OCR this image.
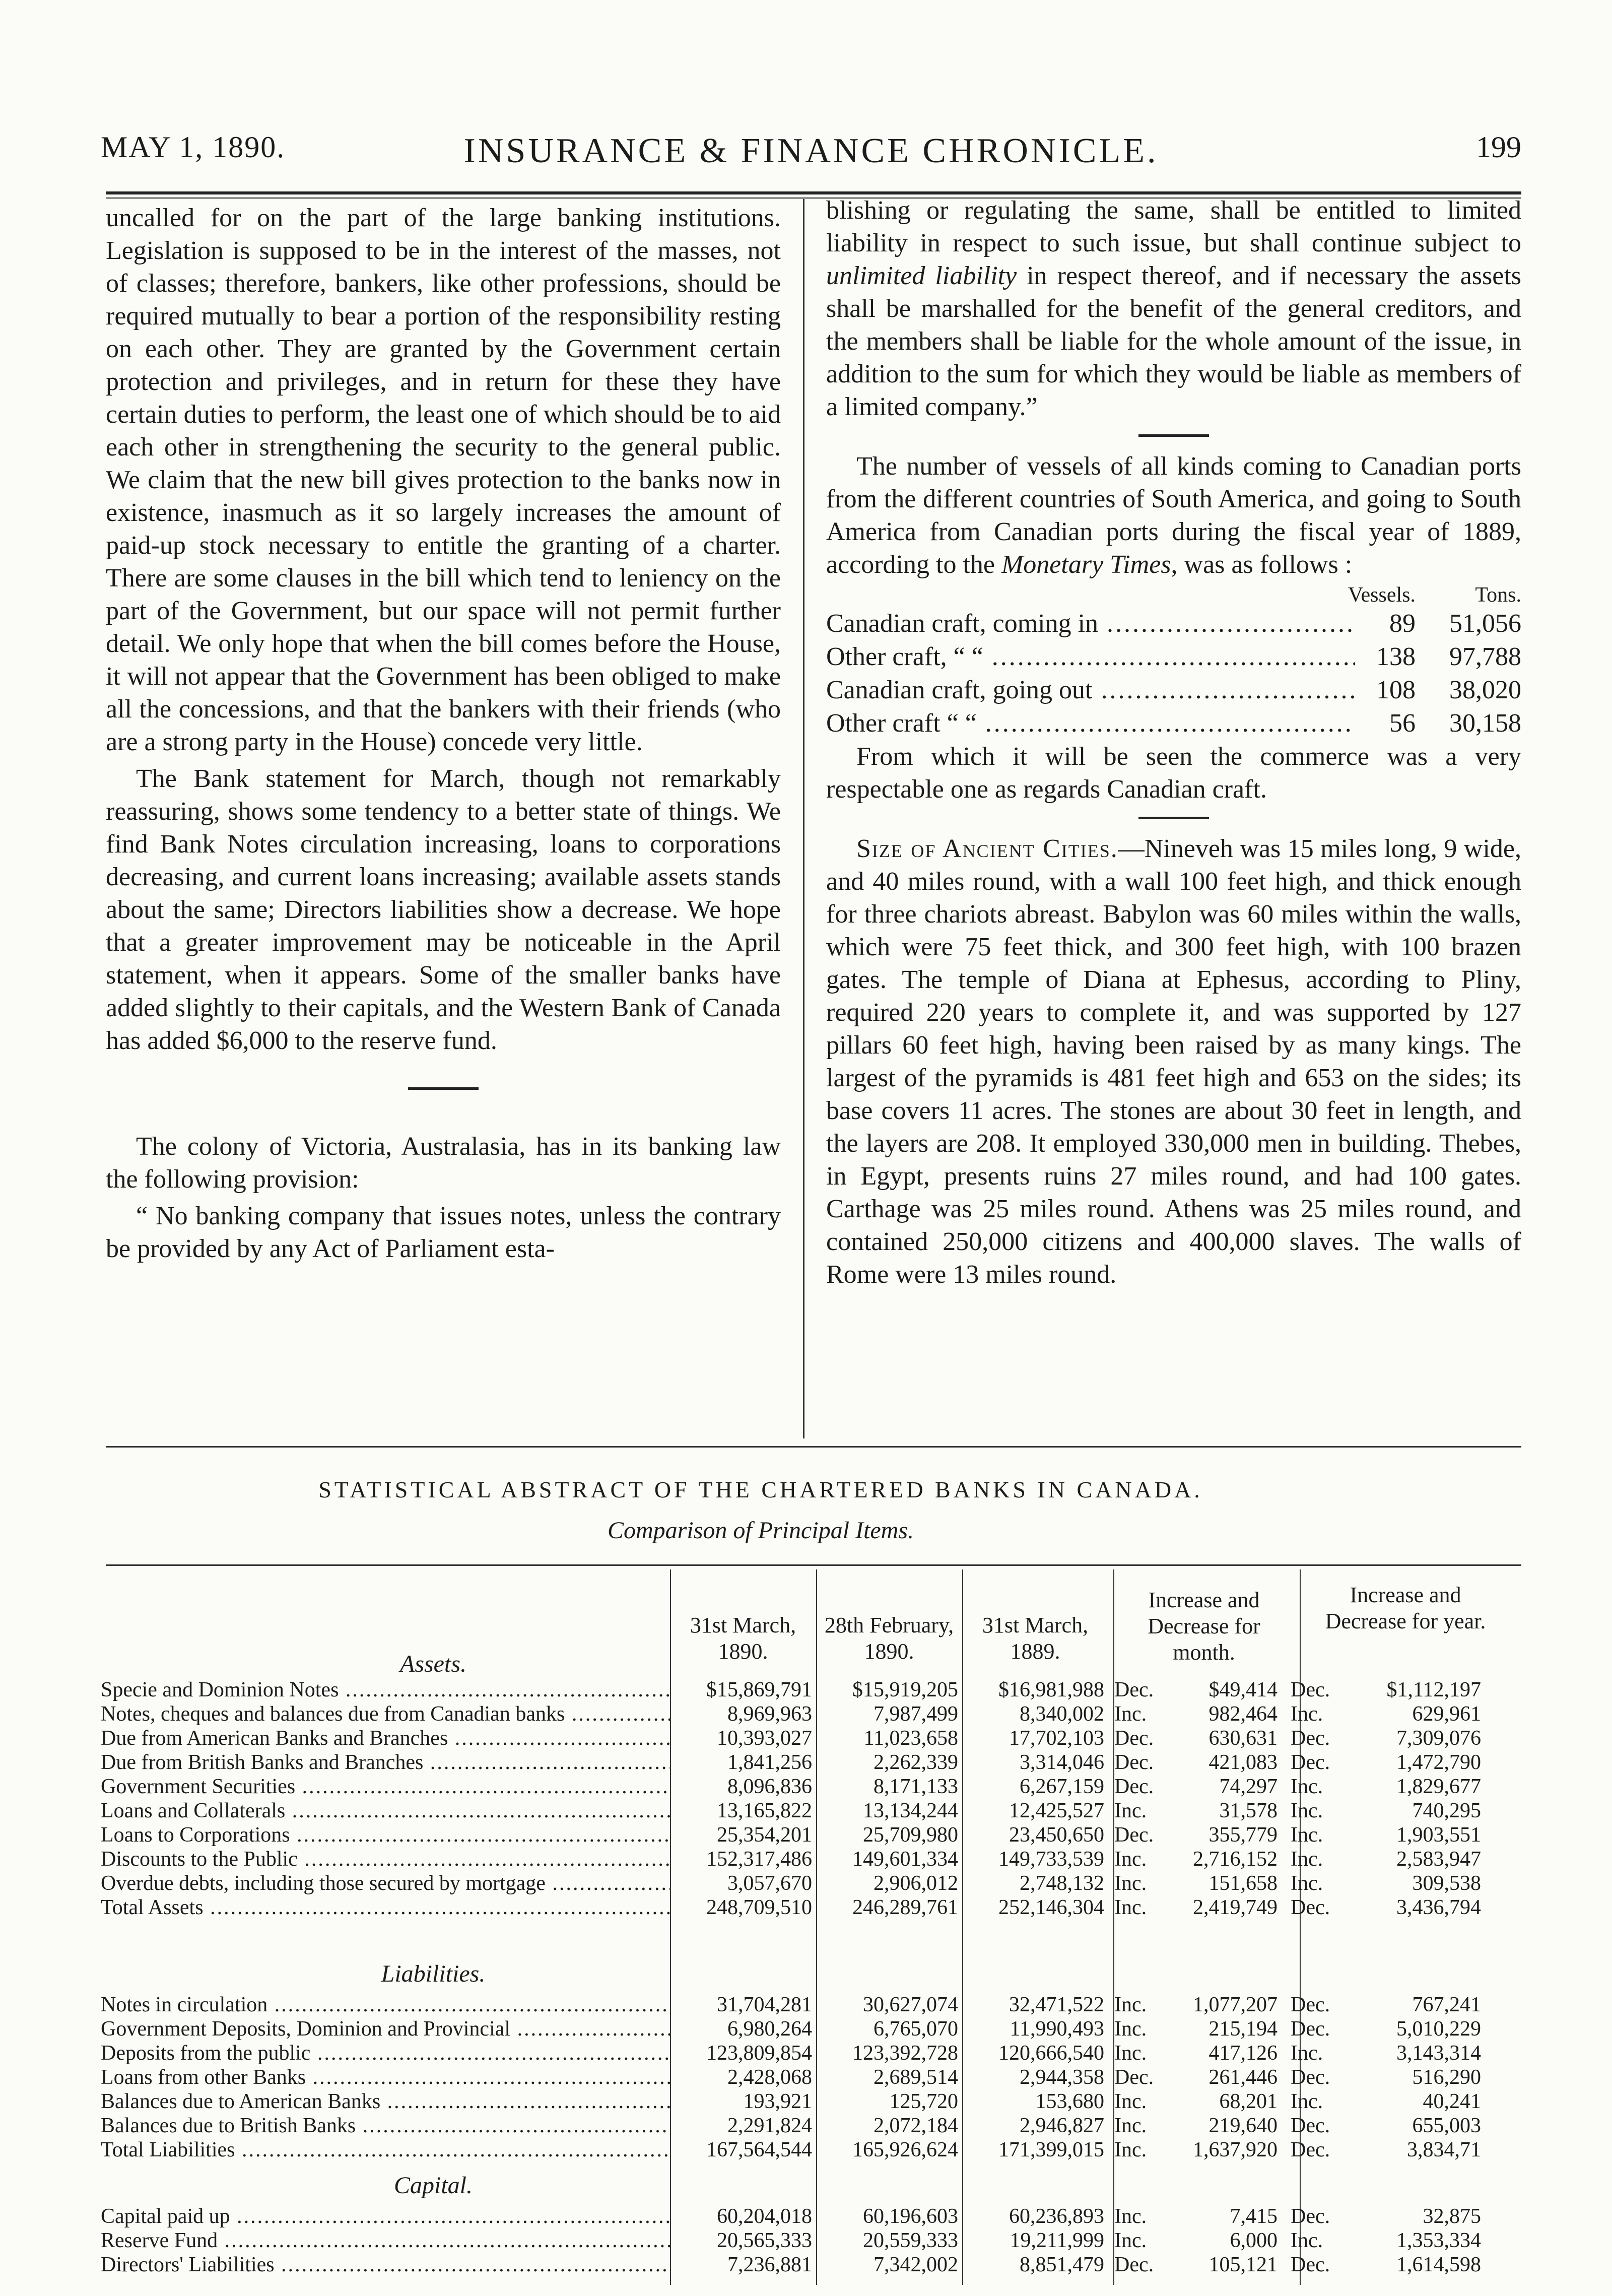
MAY 1, 1890.	INSURANCE & FINANCE CHRONICLE.	199

uncalled for on the part of the large banking institutions. Legislation is supposed to be in the interest of the masses, not of classes; therefore, bankers, like other professions, should be required mutually to bear a portion of the responsibility resting on each other. They are granted by the Government certain protection and privileges, and in return for these they have certain duties to perform, the least one of which should be to aid each other in strengthening the security to the general public. We claim that the new bill gives protection to the banks now in existence, inasmuch as it so largely increases the amount of paid-up stock necessary to entitle the granting of a charter. There are some clauses in the bill which tend to leniency on the part of the Government, but our space will not permit further detail. We only hope that when the bill comes before the House, it will not appear that the Government has been obliged to make all the concessions, and that the bankers with their friends (who are a strong party in the House) concede very little.

The Bank statement for March, though not remarkably reassuring, shows some tendency to a better state of things. We find Bank Notes circulation increasing, loans to corporations decreasing, and current loans increasing; available assets stands about the same; Directors liabilities show a decrease. We hope that a greater improvement may be noticeable in the April statement, when it appears. Some of the smaller banks have added slightly to their capitals, and the Western Bank of Canada has added $6,000 to the reserve fund.

The colony of Victoria, Australasia, has in its banking law the following provision:

“ No banking company that issues notes, unless the contrary be provided by any Act of Parliament esta-

blishing or regulating the same, shall be entitled to limited liability in respect to such issue, but shall continue subject to unlimited liability in respect thereof, and if necessary the assets shall be marshalled for the benefit of the general creditors, and the members shall be liable for the whole amount of the issue, in addition to the sum for which they would be liable as members of a limited company.”

The number of vessels of all kinds coming to Canadian ports from the different countries of South America, and going to South America from Canadian ports during the fiscal year of 1889, according to the Monetary Times, was as follows :

Vessels.	Tons.
Canadian craft, coming in .....	89	51,056
Other craft, “ “ .....	138	97,788
Canadian craft, going out .....	108	38,020
Other craft “ “ .....	56	30,158

From which it will be seen the commerce was a very respectable one as regards Canadian craft.

Size of Ancient Cities.—Nineveh was 15 miles long, 9 wide, and 40 miles round, with a wall 100 feet high, and thick enough for three chariots abreast. Babylon was 60 miles within the walls, which were 75 feet thick, and 300 feet high, with 100 brazen gates. The temple of Diana at Ephesus, according to Pliny, required 220 years to complete it, and was supported by 127 pillars 60 feet high, having been raised by as many kings. The largest of the pyramids is 481 feet high and 653 on the sides; its base covers 11 acres. The stones are about 30 feet in length, and the layers are 208. It employed 330,000 men in building. Thebes, in Egypt, presents ruins 27 miles round, and had 100 gates. Carthage was 25 miles round. Athens was 25 miles round, and contained 250,000 citizens and 400,000 slaves. The walls of Rome were 13 miles round.

STATISTICAL ABSTRACT OF THE CHARTERED BANKS IN CANADA.
Comparison of Principal Items.
31st March, 1890.
28th February, 1890.
31st March, 1889.
Increase and Decrease for month.
Increase and Decrease for year.
Assets.
Specie and Dominion Notes .....	$15,869,791	$15,919,205	$16,981,988 Dec.	$49,414 Dec.	$1,112,197
Notes, cheques and balances due from Canadian banks .....	8,969,963	7,987,499	8,340,002 Inc.	982,464 Inc.	629,961
Due from American Banks and Branches .....	10,393,027	11,023,658	17,702,103 Dec.	630,631 Dec.	7,309,076
Due from British Banks and Branches .....	1,841,256	2,262,339	3,314,046 Dec.	421,083 Dec.	1,472,790
Government Securities .....	8,096,836	8,171,133	6,267,159 Dec.	74,297 Inc.	1,829,677
Loans and Collaterals .....	13,165,822	13,134,244	12,425,527 Inc.	31,578 Inc.	740,295
Loans to Corporations .....	25,354,201	25,709,980	23,450,650 Dec.	355,779 Inc.	1,903,551
Discounts to the Public .....	152,317,486	149,601,334	149,733,539 Inc.	2,716,152 Inc.	2,583,947
Overdue debts, including those secured by mortgage .....	3,057,670	2,906,012	2,748,132 Inc.	151,658 Inc.	309,538
Total Assets .....	248,709,510	246,289,761	252,146,304 Inc.	2,419,749 Dec.	3,436,794
Liabilities.
Notes in circulation .....	31,704,281	30,627,074	32,471,522 Inc.	1,077,207 Dec.	767,241
Government Deposits, Dominion and Provincial .....	6,980,264	6,765,070	11,990,493 Inc.	215,194 Dec.	5,010,229
Deposits from the public .....	123,809,854	123,392,728	120,666,540 Inc.	417,126 Inc.	3,143,314
Loans from other Banks .....	2,428,068	2,689,514	2,944,358 Dec.	261,446 Dec.	516,290
Balances due to American Banks .....	193,921	125,720	153,680 Inc.	68,201 Inc.	40,241
Balances due to British Banks .....	2,291,824	2,072,184	2,946,827 Inc.	219,640 Dec.	655,003
Total Liabilities .....	167,564,544	165,926,624	171,399,015 Inc.	1,637,920 Dec.	3,834,71
Capital.
Capital paid up .....	60,204,018	60,196,603	60,236,893 Inc.	7,415 Dec.	32,875
Reserve Fund .....	20,565,333	20,559,333	19,211,999 Inc.	6,000 Inc.	1,353,334
Directors' Liabilities .....	7,236,881	7,342,002	8,851,479 Dec.	105,121 Dec.	1,614,598
